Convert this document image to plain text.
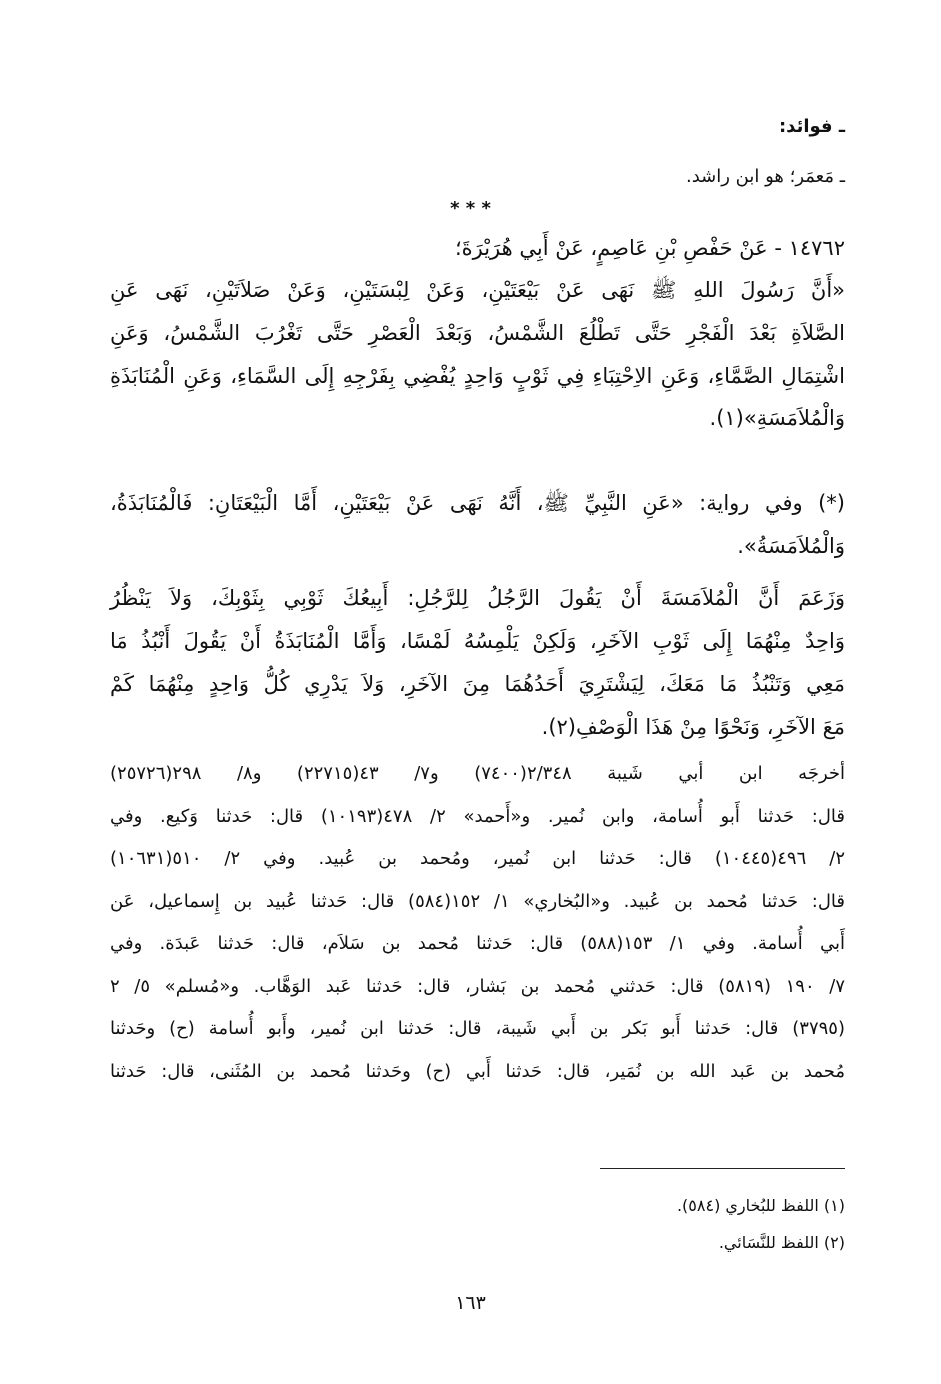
ـ فوائد:
ـ مَعمَر؛ هو ابن راشد.
* * *
١٤٧٦٢ - عَنْ حَفْصِ بْنِ عَاصِمٍ، عَنْ أَبِي هُرَيْرَةَ؛
«أَنَّ رَسُولَ اللهِ ﷺ نَهَى عَنْ بَيْعَتَيْنِ، وَعَنْ لِبْسَتَيْنِ، وَعَنْ صَلاَتَيْنِ، نَهَى عَنِ
الصَّلاَةِ بَعْدَ الْفَجْرِ حَتَّى تَطْلُعَ الشَّمْسُ، وَبَعْدَ الْعَصْرِ حَتَّى تَغْرُبَ الشَّمْسُ، وَعَنِ
اشْتِمَالِ الصَّمَّاءِ، وَعَنِ الاِحْتِبَاءِ فِي ثَوْبٍ وَاحِدٍ يُفْضِي بِفَرْجِهِ إِلَى السَّمَاءِ، وَعَنِ الْمُنَابَذَةِ
وَالْمُلاَمَسَةِ»(١).
(*) وفي رواية: «عَنِ النَّبِيِّ ﷺ، أَنَّهُ نَهَى عَنْ بَيْعَتَيْنِ، أَمَّا الْبَيْعَتَانِ: فَالْمُنَابَذَةُ،
وَالْمُلاَمَسَةُ».
وَزَعَمَ أَنَّ الْمُلاَمَسَةَ أَنْ يَقُولَ الرَّجُلُ لِلرَّجُلِ: أَبِيعُكَ ثَوْبِي بِثَوْبِكَ، وَلاَ يَنْظُرُ
وَاحِدٌ مِنْهُمَا إِلَى ثَوْبِ الآخَرِ، وَلَكِنْ يَلْمِسُهُ لَمْسًا، وَأَمَّا الْمُنَابَذَةُ أَنْ يَقُولَ أَنْبُذُ مَا
مَعِي وَتَنْبُذُ مَا مَعَكَ، لِيَشْتَرِيَ أَحَدُهُمَا مِنَ الآخَرِ، وَلاَ يَدْرِي كُلُّ وَاحِدٍ مِنْهُمَا كَمْ
مَعَ الآخَرِ، وَنَحْوًا مِنْ هَذَا الْوَصْفِ(٢).
أخرجَه ابن أبي شَيبة ٢/٣٤٨(٧٤٠٠) و٧/ ٤٣(٢٢٧١٥) و٨/ ٢٩٨(٢٥٧٢٦)
قال: حَدثنا أَبو أُسامة، وابن نُمير. و«أَحمد» ٢/ ٤٧٨(١٠١٩٣) قال: حَدثنا وَكيع. وفي
٢/ ٤٩٦(١٠٤٤٥) قال: حَدثنا ابن نُمير، ومُحمد بن عُبيد. وفي ٢/ ٥١٠(١٠٦٣١)
قال: حَدثنا مُحمد بن عُبيد. و«البُخاري» ١/ ١٥٢(٥٨٤) قال: حَدثنا عُبيد بن إِسماعيل، عَن
أَبي أُسامة. وفي ١/ ١٥٣(٥٨٨) قال: حَدثنا مُحمد بن سَلاَم، قال: حَدثنا عَبدَة. وفي
٧/ ١٩٠ (٥٨١٩) قال: حَدثني مُحمد بن بَشار، قال: حَدثنا عَبد الوَهَّاب. و«مُسلم» ٥/ ٢
(٣٧٩٥) قال: حَدثنا أَبو بَكر بن أَبي شَيبة، قال: حَدثنا ابن نُمير، وأَبو أُسامة (ح) وحَدثنا
مُحمد بن عَبد الله بن نُمَير، قال: حَدثنا أَبي (ح) وحَدثنا مُحمد بن المُثَنى، قال: حَدثنا
(١) اللفظ للبُخاري (٥٨٤).
(٢) اللفظ للنَّسَائي.
١٦٣
